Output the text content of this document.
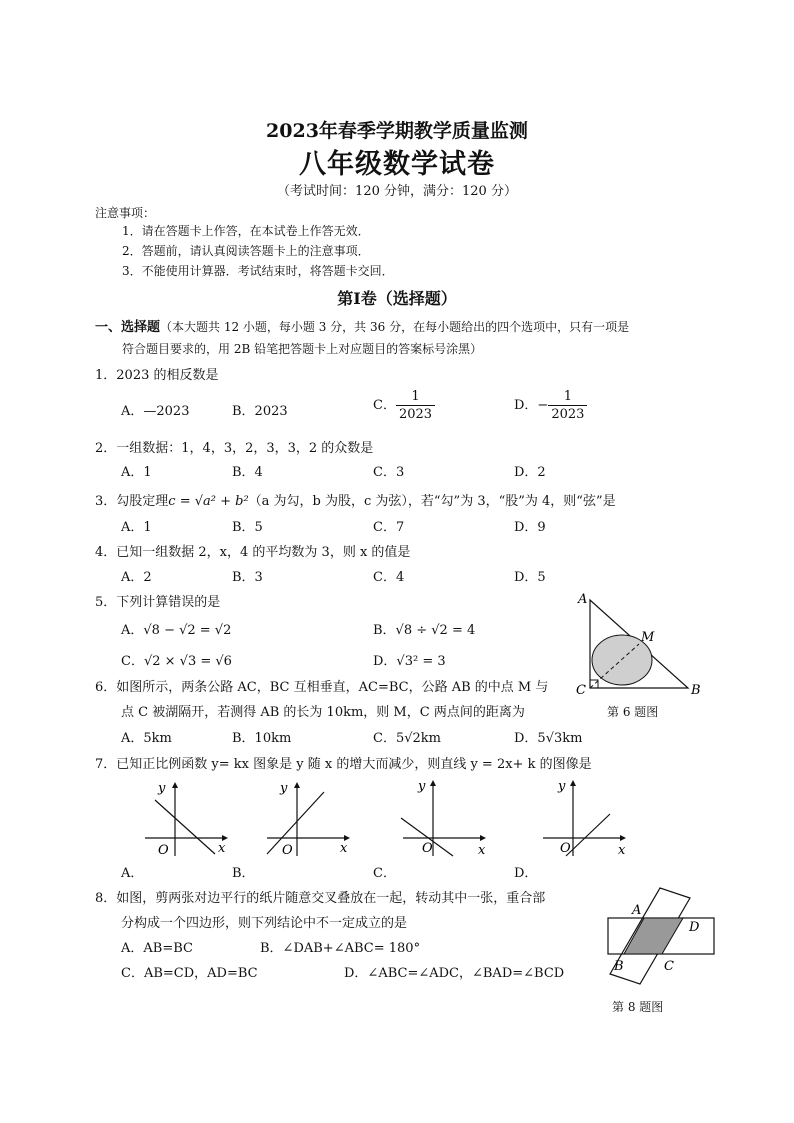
2023年春季学期教学质量监测
八年级数学试卷
（考试时间：120 分钟，满分：120 分）
注意事项：
1．请在答题卡上作答，在本试卷上作答无效．
2．答题前，请认真阅读答题卡上的注意事项．
3．不能使用计算器．考试结束时，将答题卡交回．
第Ⅰ卷（选择题）
一、选择题（本大题共 12 小题，每小题 3 分，共 36 分，在每小题给出的四个选项中，只有一项是
符合题目要求的，用 2B 铅笔把答题卡上对应题目的答案标号涂黑）
1．2023 的相反数是
A．—2023	B．2023	C． $\frac{1}{2023}$	D．− $\frac{1}{2023}$
2．一组数据：1，4，3，2，3，3，2 的众数是
A．1	B．4	C．3	D．2
3．勾股定理c = √a² + b²（a 为勾，b 为股，c 为弦），若“勾”为 3，“股”为 4，则“弦”是
A．1	B．5	C．7	D．9
4．已知一组数据 2，x，4 的平均数为 3，则 x 的值是
A．2	B．3	C．4	D．5
5．下列计算错误的是
A．√8 − √2 = √2	B．√8 ÷ √2 = 4
C．√2 × √3 = √6	D．√3² = 3
A
M
C	B
第 6 题图
6．如图所示，两条公路 AC，BC 互相垂直，AC=BC，公路 AB 的中点 M 与
点 C 被湖隔开，若测得 AB 的长为 10km，则 M，C 两点间的距离为
A．5km	B．10km	C．5√2km	D．5√3km
7．已知正比例函数 y= kx 图象是 y 随 x 的增大而减少，则直线 y = 2x+ k 的图像是
y
x
O
y
x
O
y
x
O
y
x
O
A．	B．	C．	D．
8．如图，剪两张对边平行的纸片随意交叉叠放在一起，转动其中一张，重合部
分构成一个四边形，则下列结论中不一定成立的是
A．AB=BC	B．∠DAB+∠ABC= 180°
C．AB=CD，AD=BC	D．∠ABC=∠ADC，∠BAD=∠BCD
A
D
B	C
第 8 题图
